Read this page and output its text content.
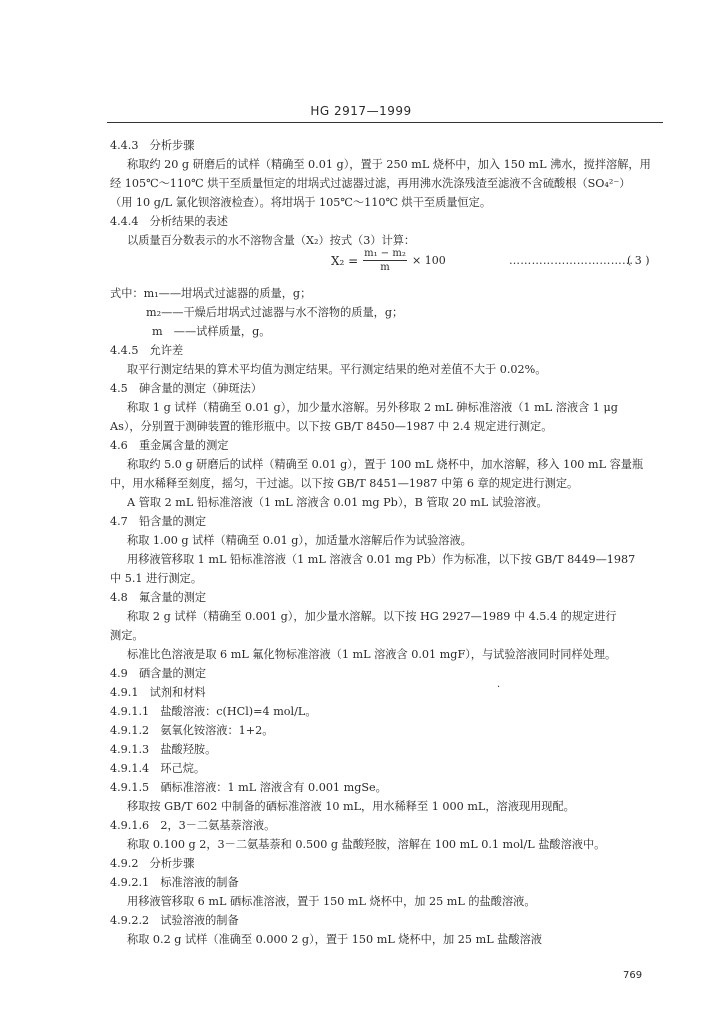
HG 2917—1999
4.4.3　分析步骤
称取约 20 g 研磨后的试样（精确至 0.01 g），置于 250 mL 烧杯中，加入 150 mL 沸水，搅拌溶解，用
经 105℃～110℃ 烘干至质量恒定的坩埚式过滤器过滤，再用沸水洗涤残渣至滤液不含硫酸根（SO₄²⁻）
（用 10 g/L 氯化钡溶液检查）。将坩埚于 105℃～110℃ 烘干至质量恒定。
4.4.4　分析结果的表述
以质量百分数表示的水不溶物含量（X₂）按式（3）计算：
$X_2 = \frac{\text{m₁ − m₂}}{m} \times 100$	……………………………
( 3 )
式中：m₁——坩埚式过滤器的质量，g；
m₂——干燥后坩埚式过滤器与水不溶物的质量，g；
m　——试样质量，g。
4.4.5　允许差
取平行测定结果的算术平均值为测定结果。平行测定结果的绝对差值不大于 0.02%。
4.5　砷含量的测定（砷斑法）
称取 1 g 试样（精确至 0.01 g），加少量水溶解。另外移取 2 mL 砷标准溶液（1 mL 溶液含 1 μg
As），分别置于测砷装置的锥形瓶中。以下按 GB/T 8450—1987 中 2.4 规定进行测定。
4.6　重金属含量的测定
称取约 5.0 g 研磨后的试样（精确至 0.01 g），置于 100 mL 烧杯中，加水溶解，移入 100 mL 容量瓶
中，用水稀释至刻度，摇匀，干过滤。以下按 GB/T 8451—1987 中第 6 章的规定进行测定。
A 管取 2 mL 铅标准溶液（1 mL 溶液含 0.01 mg Pb），B 管取 20 mL 试验溶液。
4.7　铅含量的测定
称取 1.00 g 试样（精确至 0.01 g），加适量水溶解后作为试验溶液。
用移液管移取 1 mL 铅标准溶液（1 mL 溶液含 0.01 mg Pb）作为标准，以下按 GB/T 8449—1987
中 5.1 进行测定。
4.8　氟含量的测定
称取 2 g 试样（精确至 0.001 g），加少量水溶解。以下按 HG 2927—1989 中 4.5.4 的规定进行
测定。
标准比色溶液是取 6 mL 氟化物标准溶液（1 mL 溶液含 0.01 mgF），与试验溶液同时同样处理。
4.9　硒含量的测定
·
4.9.1　试剂和材料
4.9.1.1　盐酸溶液：c(HCl)=4 mol/L。
4.9.1.2　氨氧化铵溶液：1+2。
4.9.1.3　盐酸羟胺。
4.9.1.4　环己烷。
4.9.1.5　硒标准溶液：1 mL 溶液含有 0.001 mgSe。
移取按 GB/T 602 中制备的硒标准溶液 10 mL，用水稀释至 1 000 mL，溶液现用现配。
4.9.1.6　2，3－二氨基萘溶液。
称取 0.100 g 2，3－二氨基萘和 0.500 g 盐酸羟胺，溶解在 100 mL 0.1 mol/L 盐酸溶液中。
4.9.2　分析步骤
4.9.2.1　标准溶液的制备
用移液管移取 6 mL 硒标准溶液，置于 150 mL 烧杯中，加 25 mL 的盐酸溶液。
4.9.2.2　试验溶液的制备
称取 0.2 g 试样（准确至 0.000 2 g），置于 150 mL 烧杯中，加 25 mL 盐酸溶液
769
